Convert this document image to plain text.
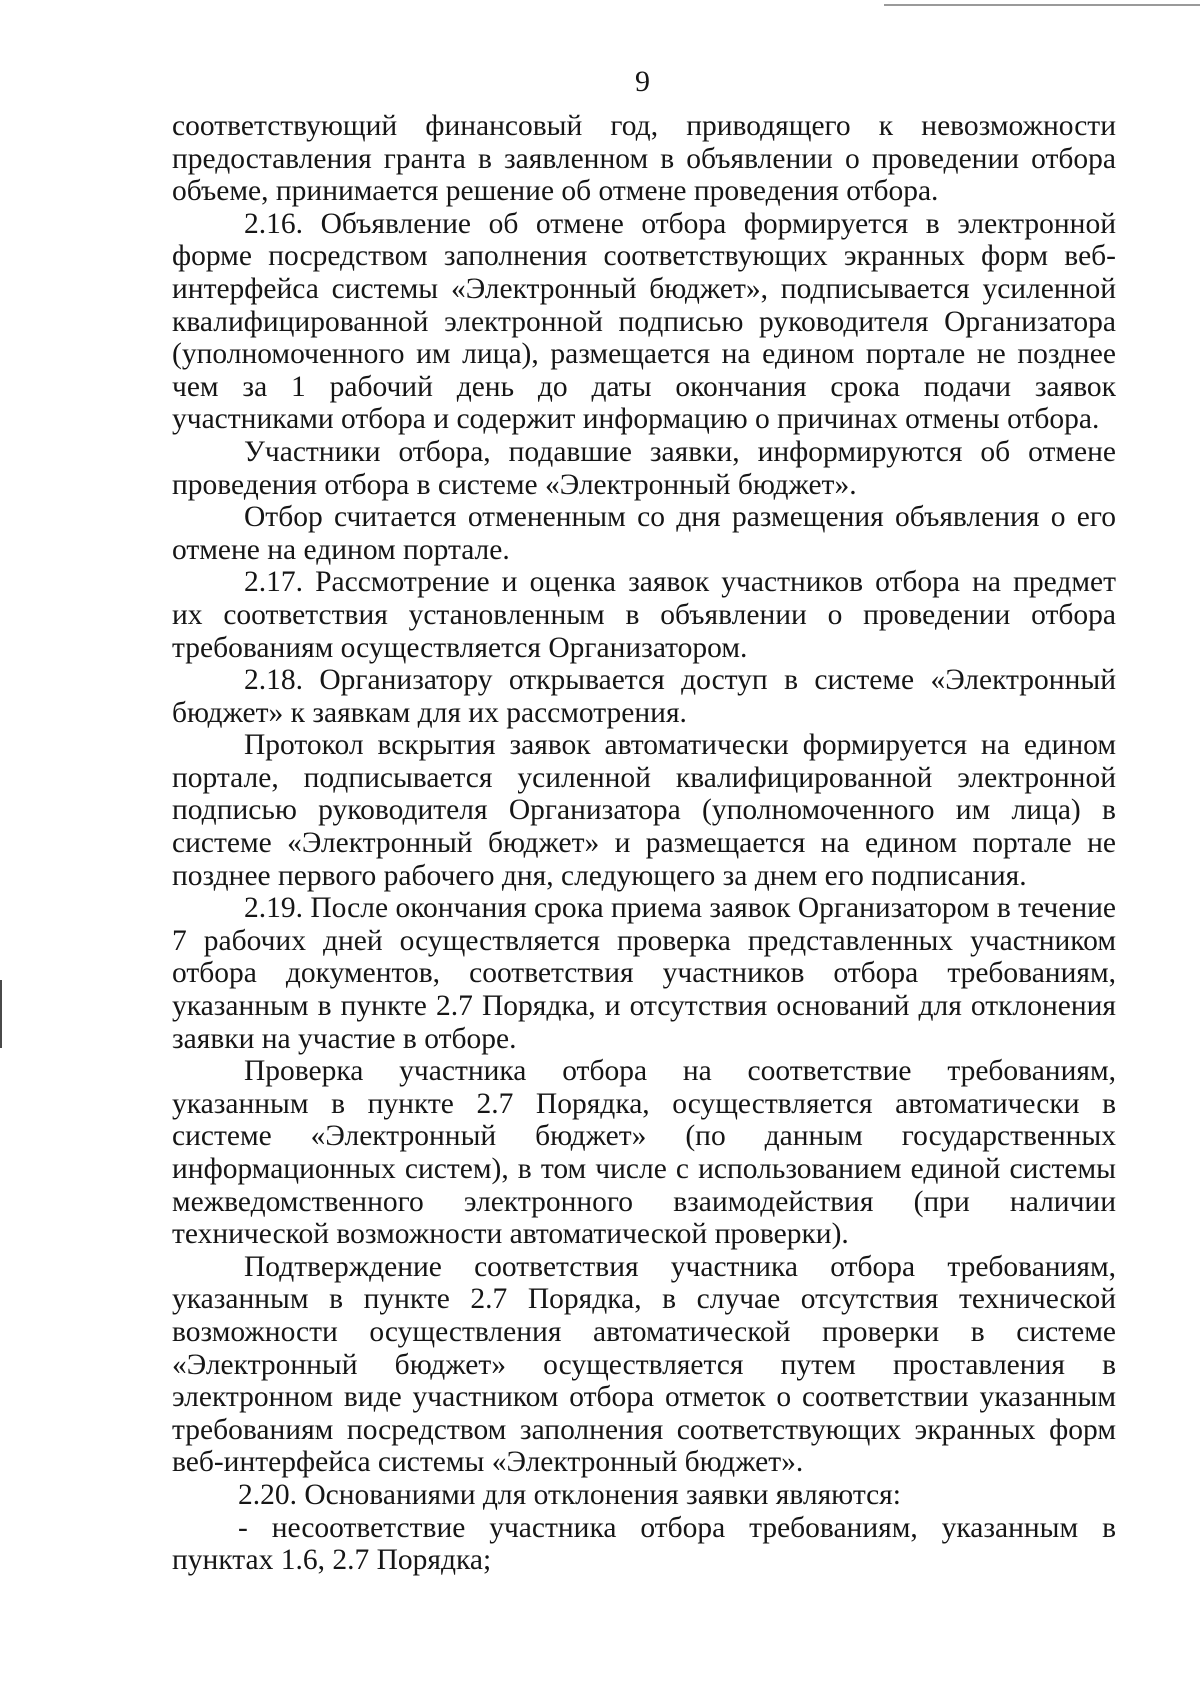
9

соответствующий финансовый год, приводящего к невозможности предоставления гранта в заявленном в объявлении о проведении отбора объеме, принимается решение об отмене проведения отбора.

2.16. Объявление об отмене отбора формируется в электронной форме посредством заполнения соответствующих экранных форм веб-интерфейса системы «Электронный бюджет», подписывается усиленной квалифицированной электронной подписью руководителя Организатора (уполномоченного им лица), размещается на едином портале не позднее чем за 1 рабочий день до даты окончания срока подачи заявок участниками отбора и содержит информацию о причинах отмены отбора.

Участники отбора, подавшие заявки, информируются об отмене проведения отбора в системе «Электронный бюджет».

Отбор считается отмененным со дня размещения объявления о его отмене на едином портале.

2.17. Рассмотрение и оценка заявок участников отбора на предмет их соответствия установленным в объявлении о проведении отбора требованиям осуществляется Организатором.

2.18. Организатору открывается доступ в системе «Электронный бюджет» к заявкам для их рассмотрения.

Протокол вскрытия заявок автоматически формируется на едином портале, подписывается усиленной квалифицированной электронной подписью руководителя Организатора (уполномоченного им лица) в системе «Электронный бюджет» и размещается на едином портале не позднее первого рабочего дня, следующего за днем его подписания.

2.19. После окончания срока приема заявок Организатором в течение 7 рабочих дней осуществляется проверка представленных участником отбора документов, соответствия участников отбора требованиям, указанным в пункте 2.7 Порядка, и отсутствия оснований для отклонения заявки на участие в отборе.

Проверка участника отбора на соответствие требованиям, указанным в пункте 2.7 Порядка, осуществляется автоматически в системе «Электронный бюджет» (по данным государственных информационных систем), в том числе с использованием единой системы межведомственного электронного взаимодействия (при наличии технической возможности автоматической проверки).

Подтверждение соответствия участника отбора требованиям, указанным в пункте 2.7 Порядка, в случае отсутствия технической возможности осуществления автоматической проверки в системе «Электронный бюджет» осуществляется путем проставления в электронном виде участником отбора отметок о соответствии указанным требованиям посредством заполнения соответствующих экранных форм веб-интерфейса системы «Электронный бюджет».

2.20. Основаниями для отклонения заявки являются:

- несоответствие участника отбора требованиям, указанным в пунктах 1.6, 2.7 Порядка;
